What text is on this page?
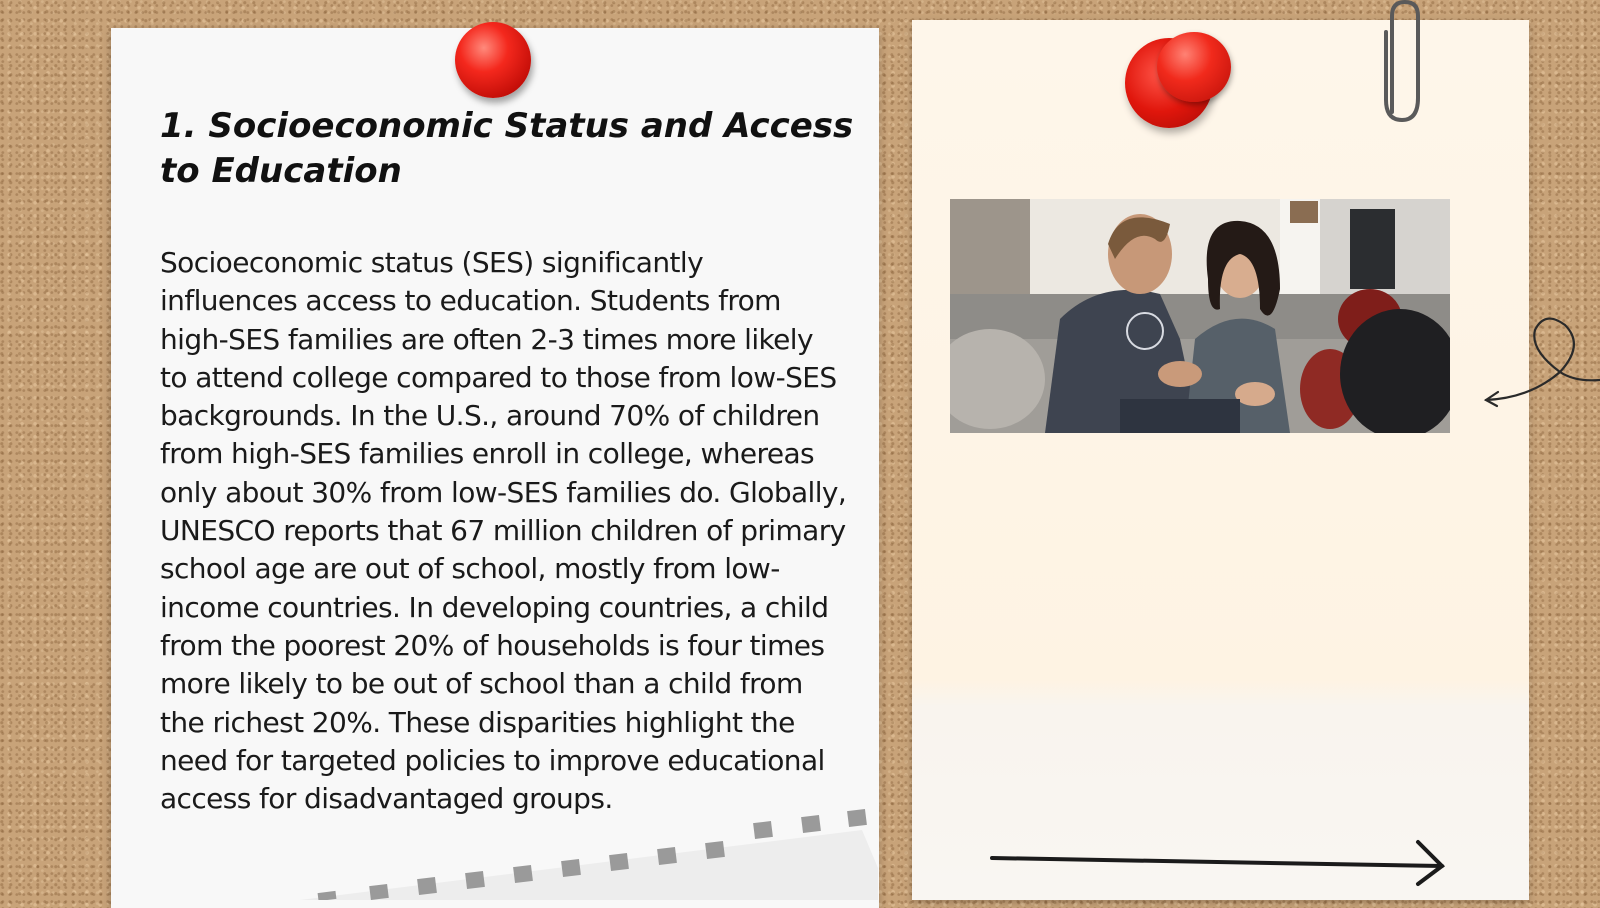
1. Socioeconomic Status and Access to Education

Socioeconomic status (SES) significantly influences access to education. Students from high-SES families are often 2-3 times more likely to attend college compared to those from low-SES backgrounds. In the U.S., around 70% of children from high-SES families enroll in college, whereas only about 30% from low-SES families do. Globally, UNESCO reports that 67 million children of primary school age are out of school, mostly from low-income countries. In developing countries, a child from the poorest 20% of households is four times more likely to be out of school than a child from the richest 20%. These disparities highlight the need for targeted policies to improve educational access for disadvantaged groups.
